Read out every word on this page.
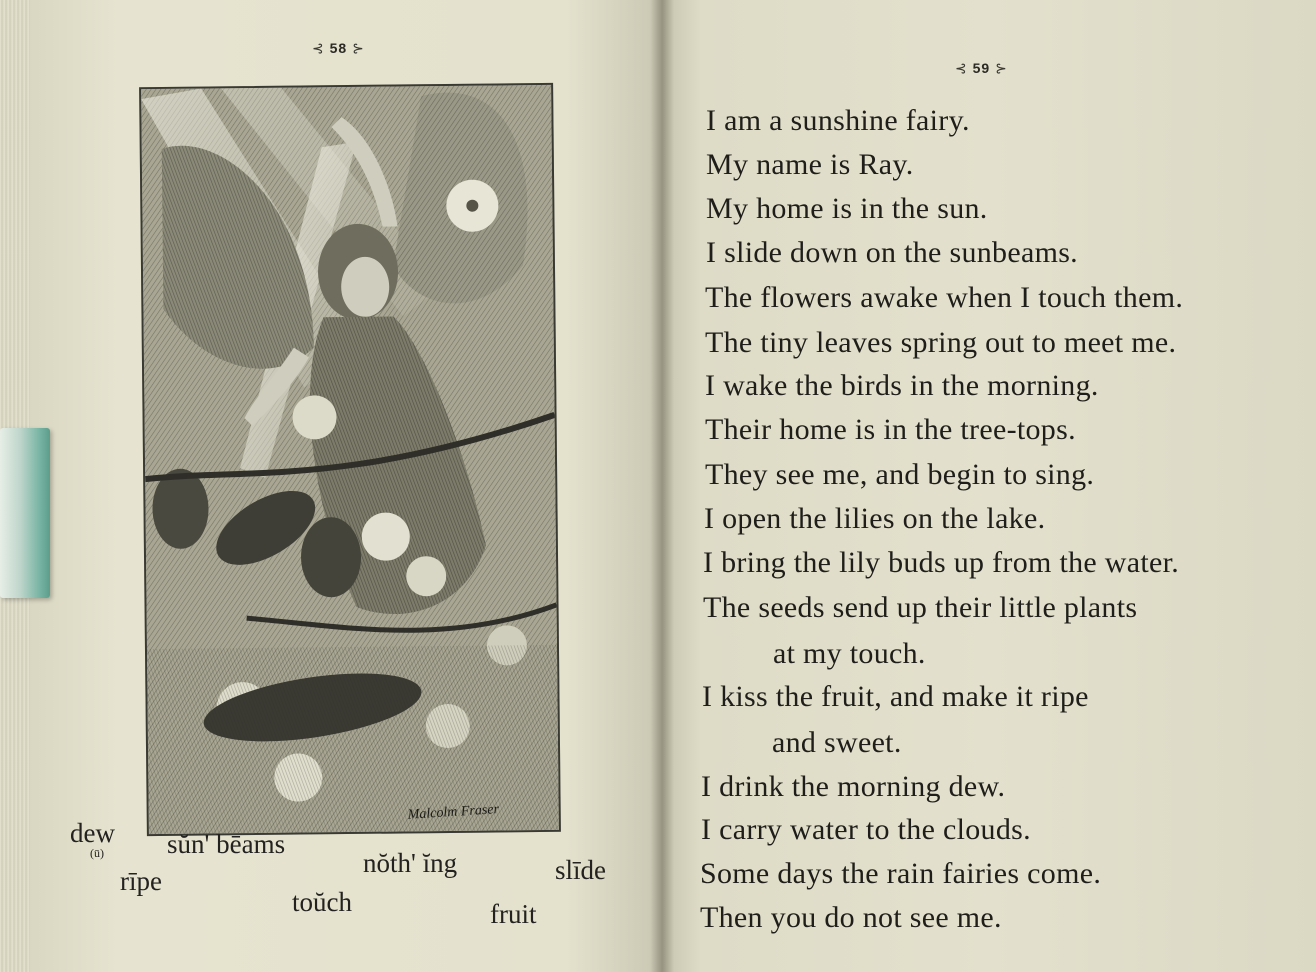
⊰ 58 ⊱
Malcolm Fraser
dew
(ū) sŭn' bēams
nŏth' ĭng	slīde
rīpe
toŭch	fruit
⊰ 59 ⊱
I am a sunshine fairy.
My name is Ray.
My home is in the sun.
I slide down on the sunbeams.
The flowers awake when I touch them.
The tiny leaves spring out to meet me.
I wake the birds in the morning.
Their home is in the tree-tops.
They see me, and begin to sing.
I open the lilies on the lake.
I bring the lily buds up from the water.
The seeds send up their little plants
at my touch.
I kiss the fruit, and make it ripe
and sweet.
I drink the morning dew.
I carry water to the clouds.
Some days the rain fairies come.
Then you do not see me.
